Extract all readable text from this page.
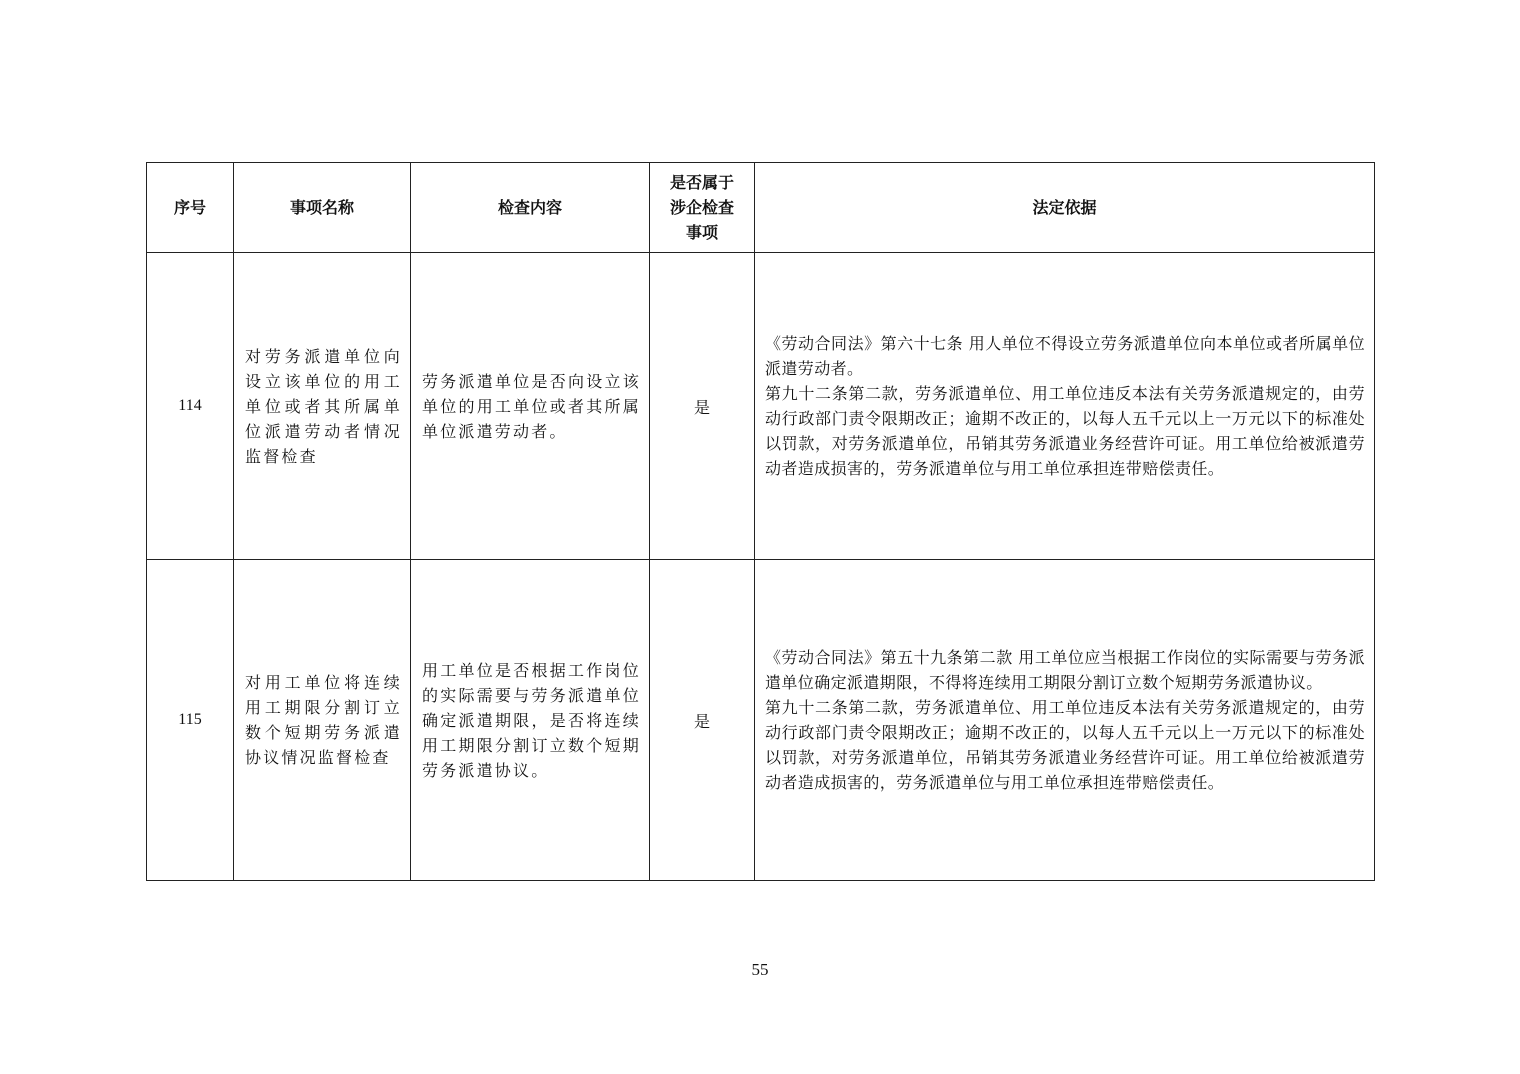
序号	事项名称	检查内容	是否属于
涉企检查
事项	法定依据
114	对劳务派遣单位向设立该单位的用工单位或者其所属单位派遣劳动者情况监督检查	劳务派遣单位是否向设立该单位的用工单位或者其所属单位派遣劳动者。	是	《劳动合同法》第六十七条 用人单位不得设立劳务派遣单位向本单位或者所属单位派遣劳动者。
第九十二条第二款，劳务派遣单位、用工单位违反本法有关劳务派遣规定的，由劳动行政部门责令限期改正；逾期不改正的，以每人五千元以上一万元以下的标准处以罚款，对劳务派遣单位，吊销其劳务派遣业务经营许可证。用工单位给被派遣劳动者造成损害的，劳务派遣单位与用工单位承担连带赔偿责任。

115	对用工单位将连续用工期限分割订立数个短期劳务派遣协议情况监督检查	用工单位是否根据工作岗位的实际需要与劳务派遣单位确定派遣期限，是否将连续用工期限分割订立数个短期劳务派遣协议。	是	《劳动合同法》第五十九条第二款 用工单位应当根据工作岗位的实际需要与劳务派遣单位确定派遣期限，不得将连续用工期限分割订立数个短期劳务派遣协议。
第九十二条第二款，劳务派遣单位、用工单位违反本法有关劳务派遣规定的，由劳动行政部门责令限期改正；逾期不改正的，以每人五千元以上一万元以下的标准处以罚款，对劳务派遣单位，吊销其劳务派遣业务经营许可证。用工单位给被派遣劳动者造成损害的，劳务派遣单位与用工单位承担连带赔偿责任。
55
